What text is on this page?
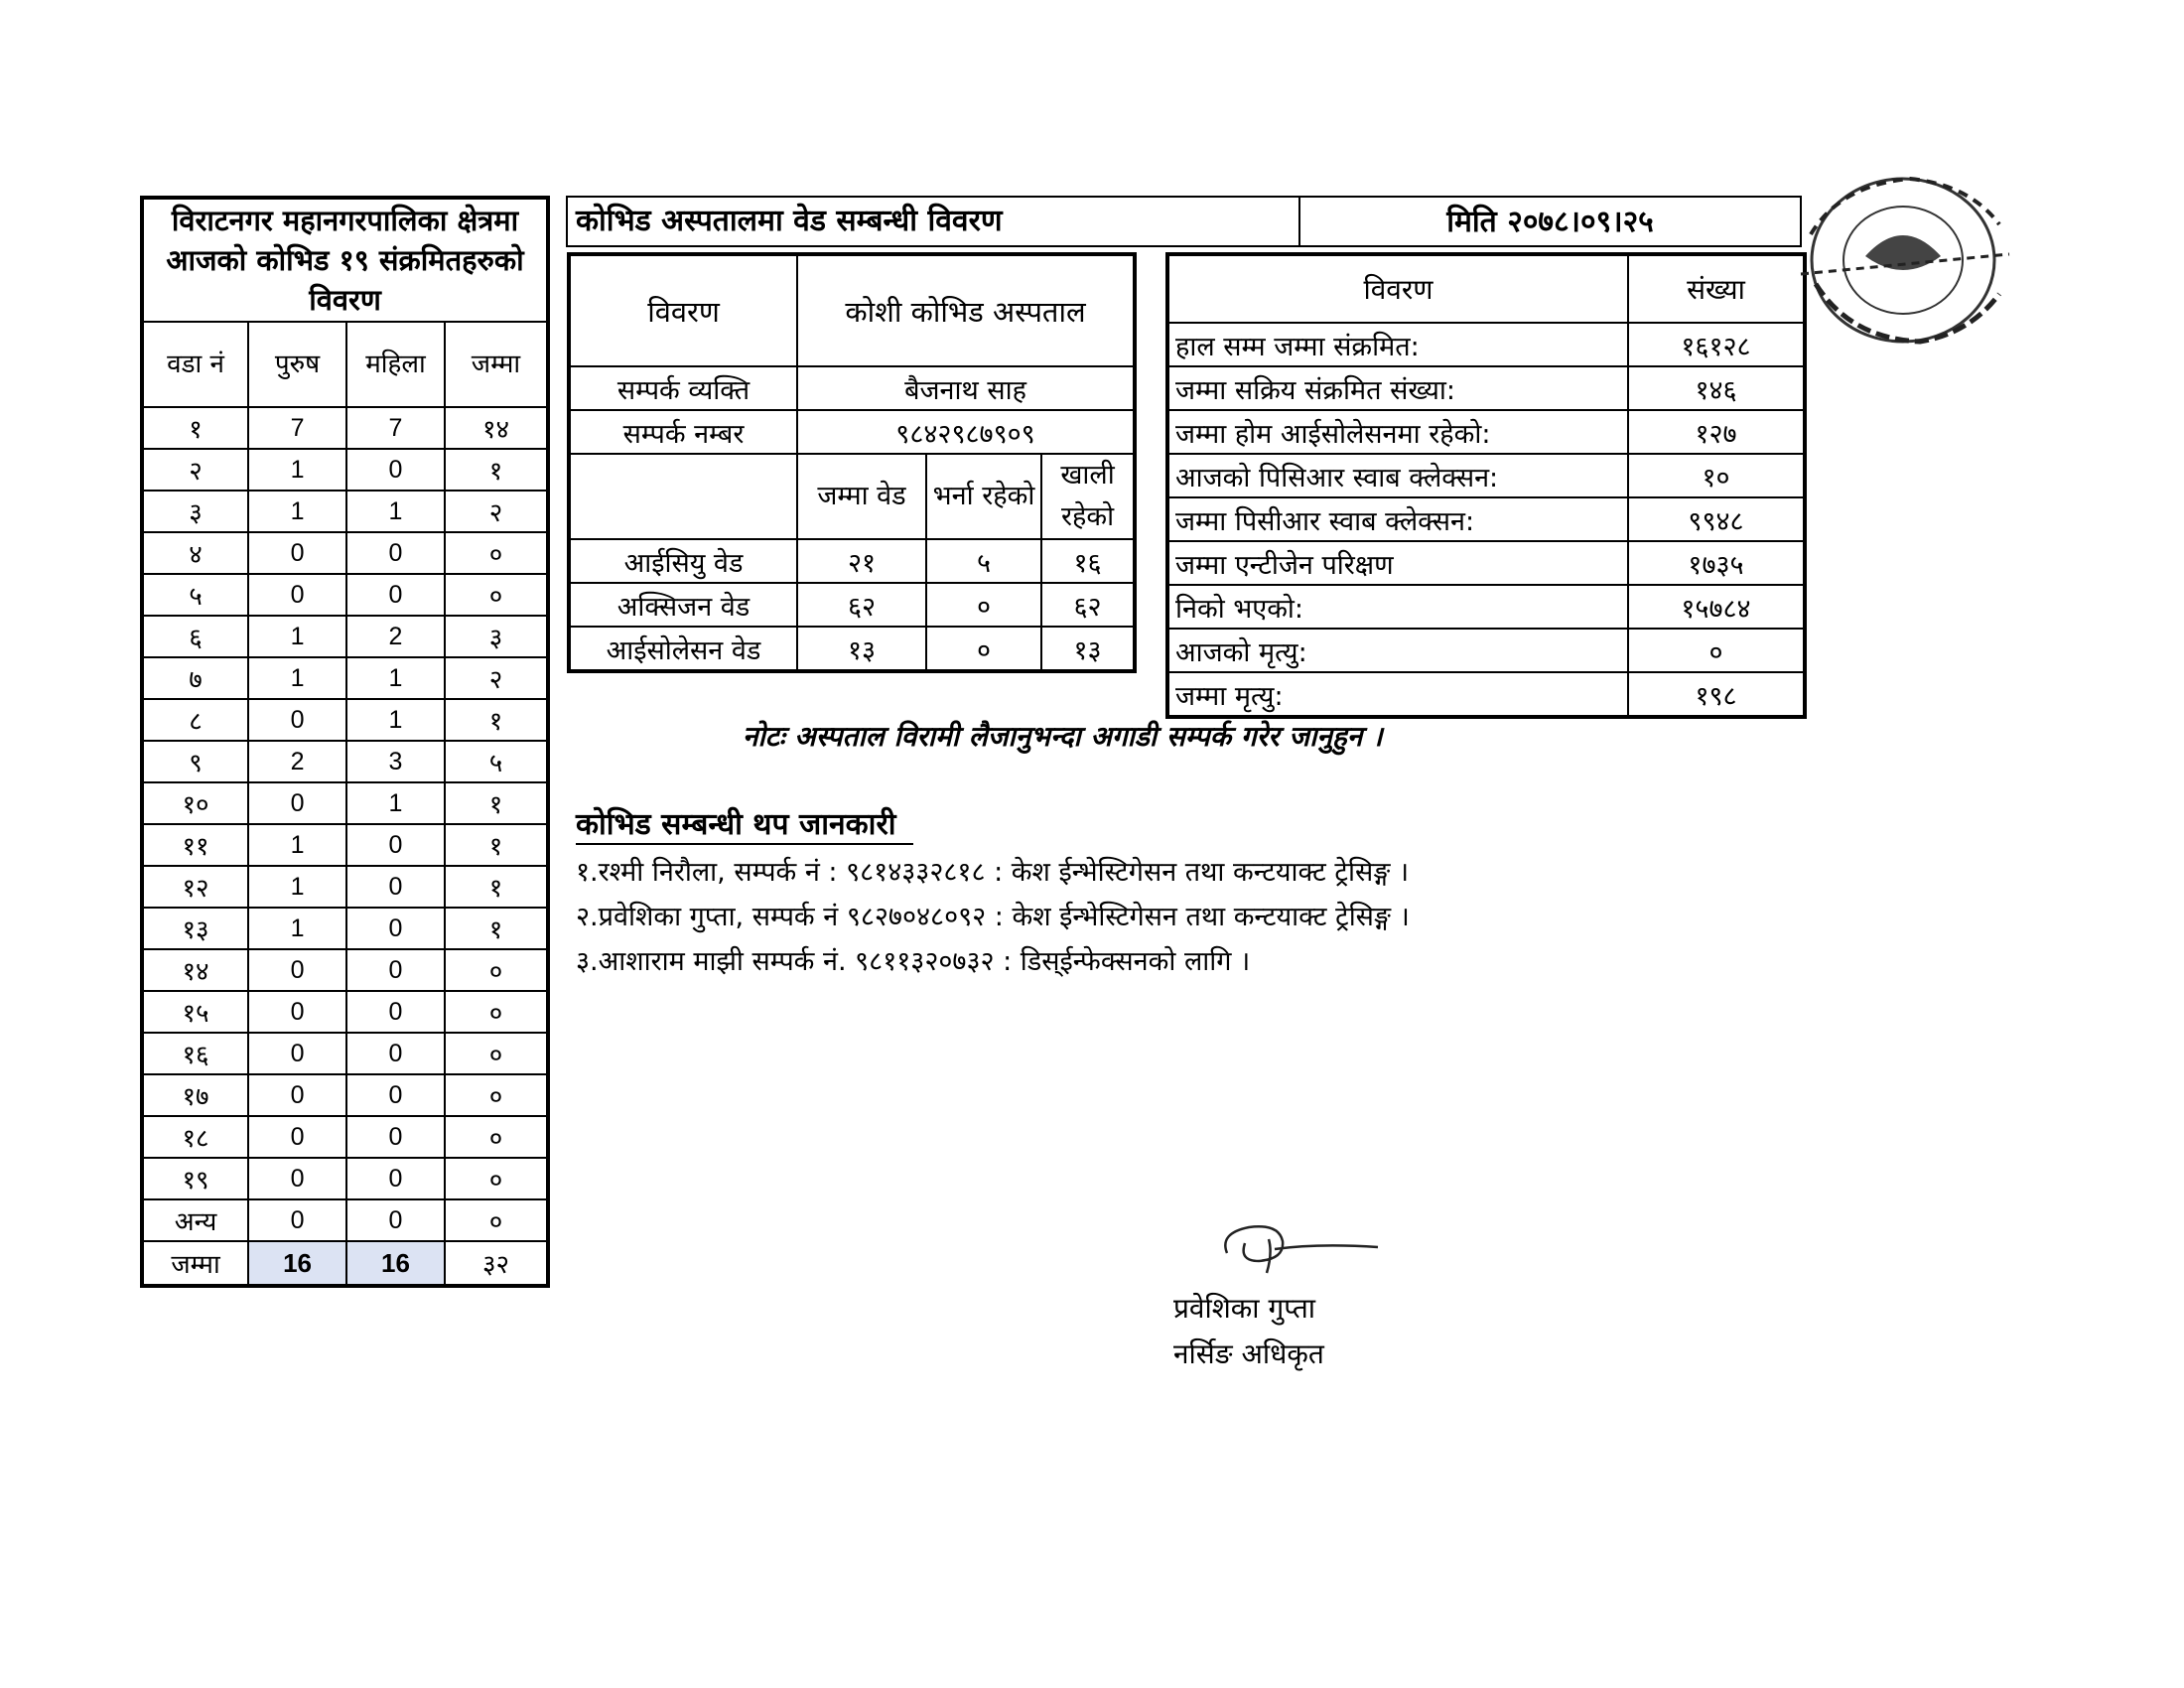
विराटनगर महानगरपालिका क्षेत्रमा आजको कोभिड १९ संक्रमितहरुको विवरण			
वडा नं	पुरुष	महिला	जम्मा
१	7	7	१४
२	1	0	१
३	1	1	२
४	0	0	०
५	0	0	०
६	1	2	३
७	1	1	२
८	0	1	१
९	2	3	५
१०	0	1	१
११	1	0	१
१२	1	0	१
१३	1	0	१
१४	0	0	०
१५	0	0	०
१६	0	0	०
१७	0	0	०
१८	0	0	०
१९	0	0	०
अन्य	0	0	०
जम्मा	16	16	३२
कोभिड अस्पतालमा वेड सम्बन्धी विवरण	मिति २०७८।०९।२५
विवरण	कोशी कोभिड अस्पताल		
सम्पर्क व्यक्ति	बैजनाथ साह		
सम्पर्क नम्बर	९८४२९८७९०९		
	जम्मा वेड	भर्ना रहेको	खाली रहेको
आईसियु वेड	२१	५	१६
अक्सिजन वेड	६२	०	६२
आईसोलेसन वेड	१३	०	१३
विवरण	संख्या
हाल सम्म जम्मा संक्रमित:	१६१२८
जम्मा सक्रिय संक्रमित संख्या:	१४६
जम्मा होम आईसोलेसनमा रहेको:	१२७
आजको पिसिआर स्वाब क्लेक्सन:	१०
जम्मा पिसीआर स्वाब क्लेक्सन:	९९४८
जम्मा एन्टीजेन परिक्षण	१७३५
निको भएको:	१५७८४
आजको मृत्यु:	०
जम्मा मृत्यु:	१९८
नोटः अस्पताल विरामी लैजानुभन्दा अगाडी सम्पर्क गरेर जानुहुन ।
कोभिड सम्बन्धी थप जानकारी
१.रश्मी निरौला, सम्पर्क नं : ९८१४३३२८१८ : केश ईन्भेस्टिगेसन तथा कन्टयाक्ट ट्रेसिङ्ग ।
२.प्रवेशिका गुप्ता, सम्पर्क नं ९८२७०४८०९२ : केश ईन्भेस्टिगेसन तथा कन्टयाक्ट ट्रेसिङ्ग ।
३.आशाराम माझी सम्पर्क नं. ९८११३२०७३२ : डिस्ईन्फेक्सनको लागि ।
प्रवेशिका गुप्ता
नर्सिङ अधिकृत
